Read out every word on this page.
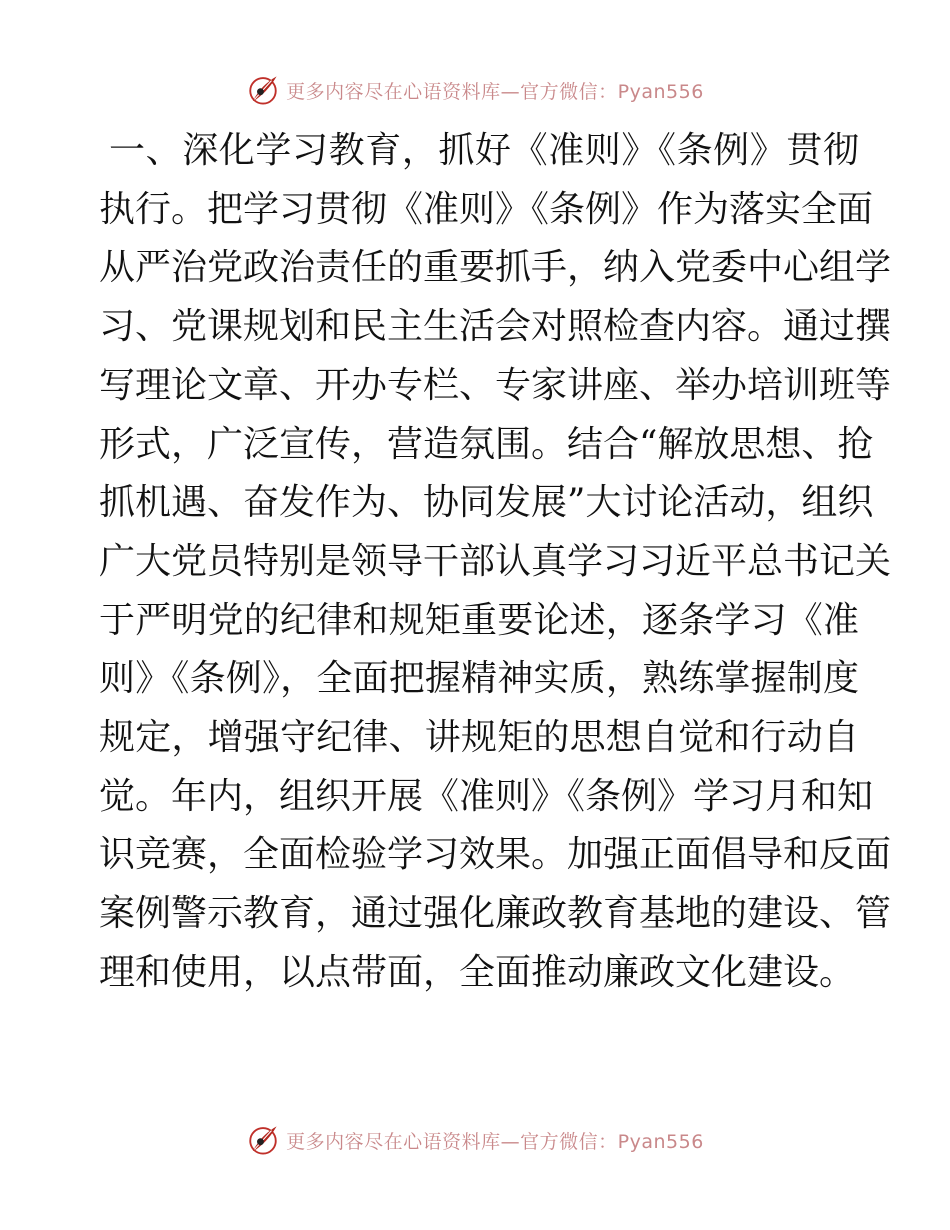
更多内容尽在心语资料库—官方微信：Pyan556
一、深化学习教育，抓好《准则》《条例》贯彻
执行。把学习贯彻《准则》《条例》作为落实全面
从严治党政治责任的重要抓手，纳入党委中心组学
习、党课规划和民主生活会对照检查内容。通过撰
写理论文章、开办专栏、专家讲座、举办培训班等
形式，广泛宣传，营造氛围。结合“解放思想、抢
抓机遇、奋发作为、协同发展”大讨论活动，组织
广大党员特别是领导干部认真学习习近平总书记关
于严明党的纪律和规矩重要论述，逐条学习《准
则》《条例》，全面把握精神实质，熟练掌握制度
规定，增强守纪律、讲规矩的思想自觉和行动自
觉。年内，组织开展《准则》《条例》学习月和知
识竞赛，全面检验学习效果。加强正面倡导和反面
案例警示教育，通过强化廉政教育基地的建设、管
理和使用，以点带面，全面推动廉政文化建设。
更多内容尽在心语资料库—官方微信：Pyan556
